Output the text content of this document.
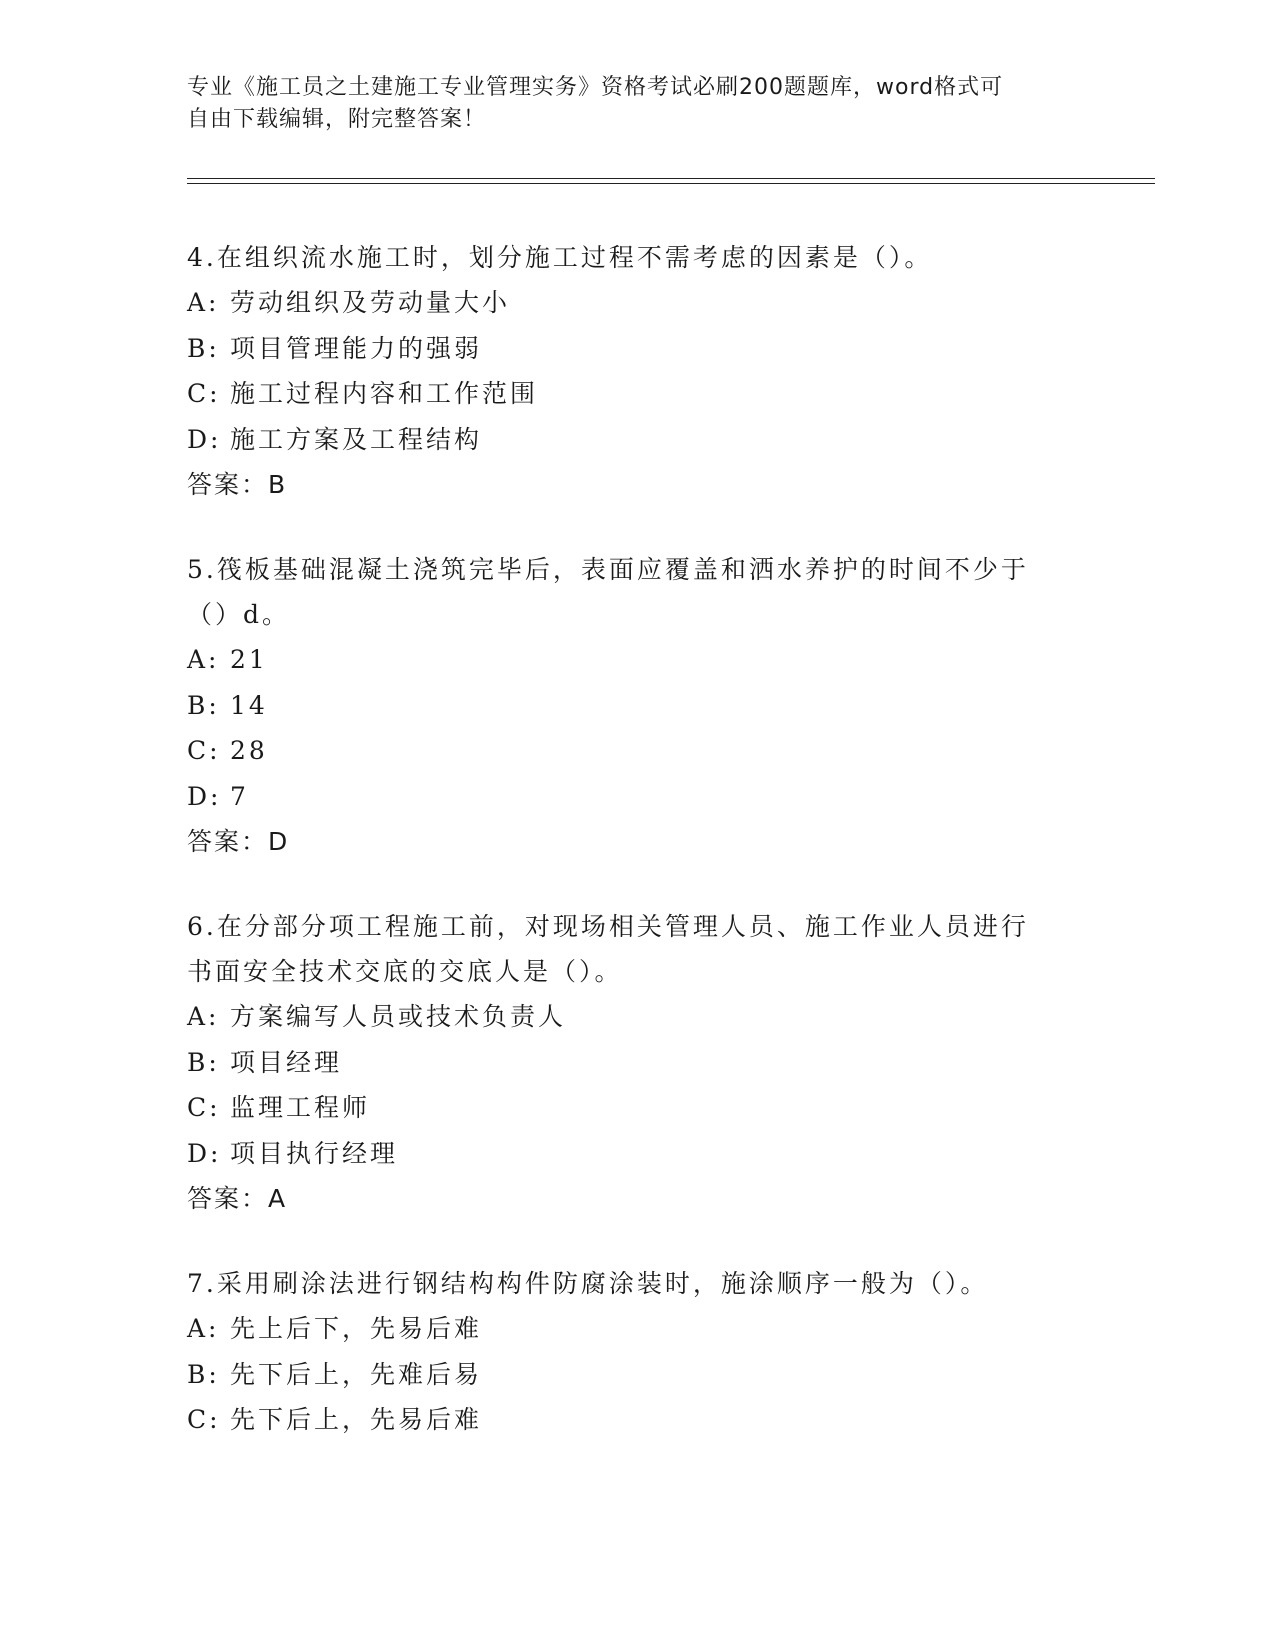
专业《施工员之土建施工专业管理实务》资格考试必刷200题题库，word格式可
自由下载编辑，附完整答案！

4.在组织流水施工时，划分施工过程不需考虑的因素是（）。

A: 劳动组织及劳动量大小

B: 项目管理能力的强弱

C: 施工过程内容和工作范围

D: 施工方案及工程结构

答案：B

5.筏板基础混凝土浇筑完毕后，表面应覆盖和洒水养护的时间不少于

（）d。

A: 21

B: 14

C: 28

D: 7

答案：D

6.在分部分项工程施工前，对现场相关管理人员、施工作业人员进行

书面安全技术交底的交底人是（）。

A: 方案编写人员或技术负责人

B: 项目经理

C: 监理工程师

D: 项目执行经理

答案：A

7.采用刷涂法进行钢结构构件防腐涂装时，施涂顺序一般为（）。

A: 先上后下，先易后难

B: 先下后上，先难后易

C: 先下后上，先易后难
